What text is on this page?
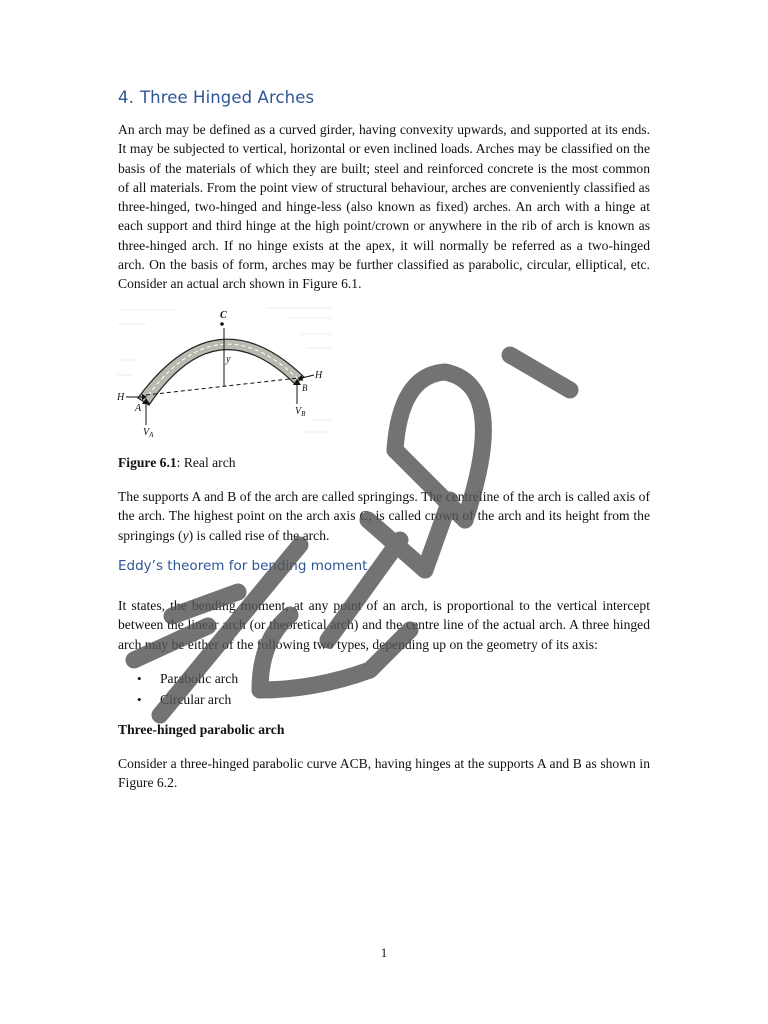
4. Three Hinged Arches

An arch may be defined as a curved girder, having convexity upwards, and supported at its ends. It may be subjected to vertical, horizontal or even inclined loads. Arches may be classified on the basis of the materials of which they are built; steel and reinforced concrete is the most common of all materials. From the point view of structural behaviour, arches are conveniently classified as three-hinged, two-hinged and hinge-less (also known as fixed) arches. An arch with a hinge at each support and third hinge at the high point/crown or anywhere in the rib of arch is known as three-hinged arch. If no hinge exists at the apex, it will normally be referred as a two-hinged arch. On the basis of form, arches may be further classified as parabolic, circular, elliptical, etc. Consider an actual arch shown in Figure 6.1.

C
y
H
A
$V_A$
H
B
$V_B$

Figure 6.1: Real arch

The supports A and B of the arch are called springings. The centreline of the arch is called axis of the arch. The highest point on the arch axis C, is called crown of the arch and its height from the springings (y) is called rise of the arch.

Eddy’s theorem for bending moment

It states, the bending moment, at any point of an arch, is proportional to the vertical intercept between the linear arch (or theoretical arch) and the centre line of the actual arch. A three hinged arch may be either of the following two types, depending up on the geometry of its axis:

• Parabolic arch
• Circular arch

Three-hinged parabolic arch

Consider a three-hinged parabolic curve ACB, having hinges at the supports A and B as shown in Figure 6.2.

1
